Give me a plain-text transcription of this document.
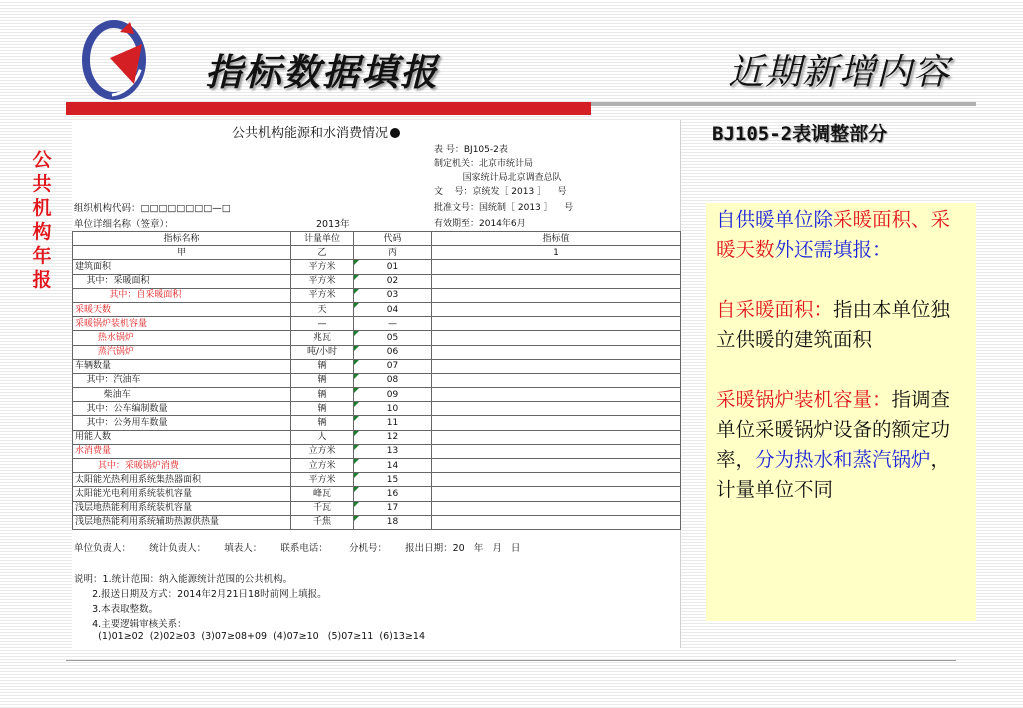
指标数据填报	近期新增内容
公
共
机
构
年
报
BJ105-2表调整部分
公共机构能源和水消费情况
表 号：BJ105-2表
制定机关：北京市统计局
国家统计局北京调查总队
文    号：京统发［ 2013 ］    号
批准文号：国统制［ 2013 ］    号
有效期至：2014年6月
组织机构代码：□□□□□□□□—□
单位详细名称（签章）：	2013年
指标名称	计量单位	代码	指标值
甲	乙	丙	1
建筑面积	平方米	01	
其中：采暖面积	平方米	02	
其中：自采暖面积	平方米	03	
采暖天数	天	04	
采暖锅炉装机容量	—	—	
热水锅炉	兆瓦	05	
蒸汽锅炉	吨/小时	06	
车辆数量	辆	07	
其中：汽油车	辆	08	
柴油车	辆	09	
其中：公车编制数量	辆	10	
其中：公务用车数量	辆	11	
用能人数	人	12	
水消费量	立方米	13	
其中：采暖锅炉消费	立方米	14	
太阳能光热利用系统集热器面积	平方米	15	
太阳能光电利用系统装机容量	峰瓦	16	
浅层地热能利用系统装机容量	千瓦	17	
浅层地热能利用系统辅助热源供热量	千焦	18	
单位负责人：      统计负责人：      填表人：      联系电话：       分机号：      报出日期：20   年   月   日
说明：1.统计范围：纳入能源统计范围的公共机构。
2.报送日期及方式：2014年2月21日18时前网上填报。
3.本表取整数。
4.主要逻辑审核关系：
(1)01≥02  (2)02≥03  (3)07≥08+09  (4)07≥10   (5)07≥11  (6)13≥14
自供暖单位除采暖面积、采暖天数外还需填报：
自采暖面积：指由本单位独立供暖的建筑面积
采暖锅炉装机容量：指调查单位采暖锅炉设备的额定功率，分为热水和蒸汽锅炉，计量单位不同
